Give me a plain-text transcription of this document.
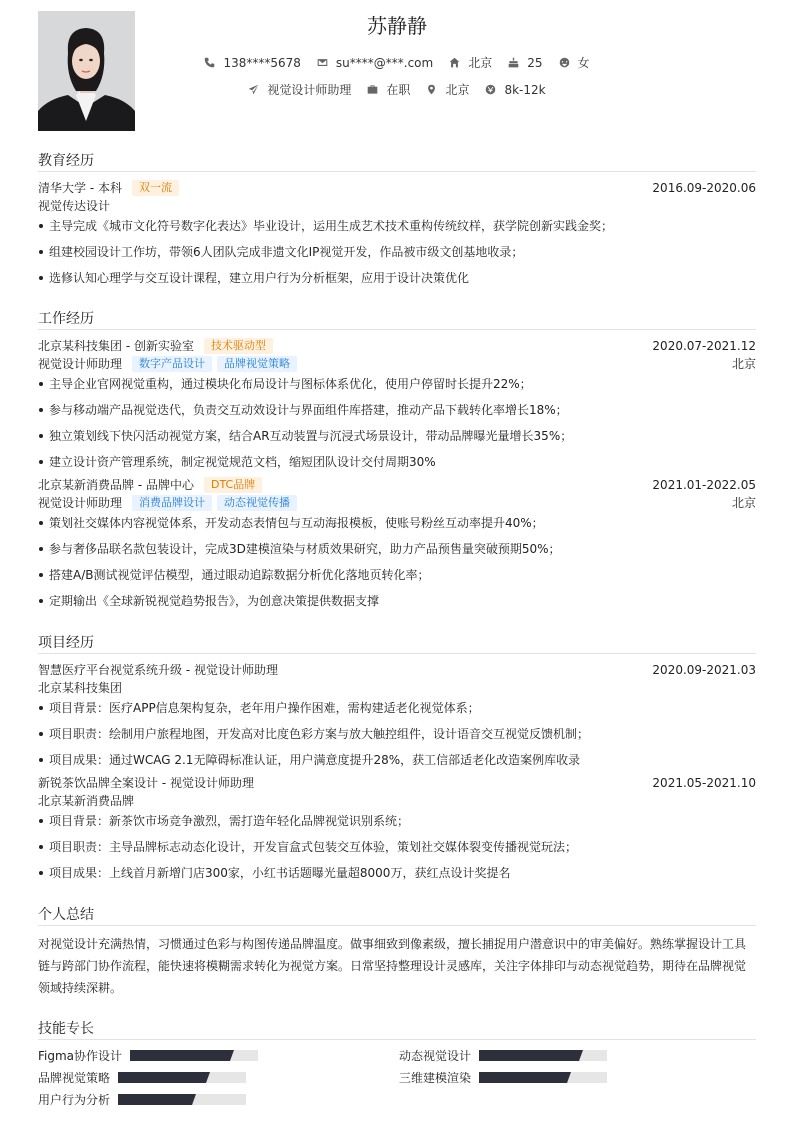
苏静静
138****5678	su****@***.com	北京	25	女
视觉设计师助理	在职	北京	8k-12k
教育经历
清华大学 - 本科	双一流	2016.09-2020.06
视觉传达设计
主导完成《城市文化符号数字化表达》毕业设计，运用生成艺术技术重构传统纹样，获学院创新实践金奖；
组建校园设计工作坊，带领6人团队完成非遗文化IP视觉开发，作品被市级文创基地收录；
选修认知心理学与交互设计课程，建立用户行为分析框架，应用于设计决策优化
工作经历
北京某科技集团 - 创新实验室	技术驱动型	2020.07-2021.12
视觉设计师助理	数字产品设计	品牌视觉策略	北京
主导企业官网视觉重构，通过模块化布局设计与图标体系优化，使用户停留时长提升22%；
参与移动端产品视觉迭代，负责交互动效设计与界面组件库搭建，推动产品下载转化率增长18%；
独立策划线下快闪活动视觉方案，结合AR互动装置与沉浸式场景设计，带动品牌曝光量增长35%；
建立设计资产管理系统，制定视觉规范文档，缩短团队设计交付周期30%
北京某新消费品牌 - 品牌中心	DTC品牌	2021.01-2022.05
视觉设计师助理	消费品牌设计	动态视觉传播	北京
策划社交媒体内容视觉体系，开发动态表情包与互动海报模板，使账号粉丝互动率提升40%；
参与奢侈品联名款包装设计，完成3D建模渲染与材质效果研究，助力产品预售量突破预期50%；
搭建A/B测试视觉评估模型，通过眼动追踪数据分析优化落地页转化率；
定期输出《全球新锐视觉趋势报告》，为创意决策提供数据支撑
项目经历
智慧医疗平台视觉系统升级 - 视觉设计师助理	2020.09-2021.03
北京某科技集团
项目背景：医疗APP信息架构复杂，老年用户操作困难，需构建适老化视觉体系；
项目职责：绘制用户旅程地图，开发高对比度色彩方案与放大触控组件，设计语音交互视觉反馈机制；
项目成果：通过WCAG 2.1无障碍标准认证，用户满意度提升28%，获工信部适老化改造案例库收录
新锐茶饮品牌全案设计 - 视觉设计师助理	2021.05-2021.10
北京某新消费品牌
项目背景：新茶饮市场竞争激烈，需打造年轻化品牌视觉识别系统；
项目职责：主导品牌标志动态化设计，开发盲盒式包装交互体验，策划社交媒体裂变传播视觉玩法；
项目成果：上线首月新增门店300家，小红书话题曝光量超8000万，获红点设计奖提名
个人总结
对视觉设计充满热情，习惯通过色彩与构图传递品牌温度。做事细致到像素级，擅长捕捉用户潜意识中的审美偏好。熟练掌握设计工具
链与跨部门协作流程，能快速将模糊需求转化为视觉方案。日常坚持整理设计灵感库，关注字体排印与动态视觉趋势，期待在品牌视觉
领域持续深耕。
技能专长
Figma协作设计	动态视觉设计
品牌视觉策略	三维建模渲染
用户行为分析
